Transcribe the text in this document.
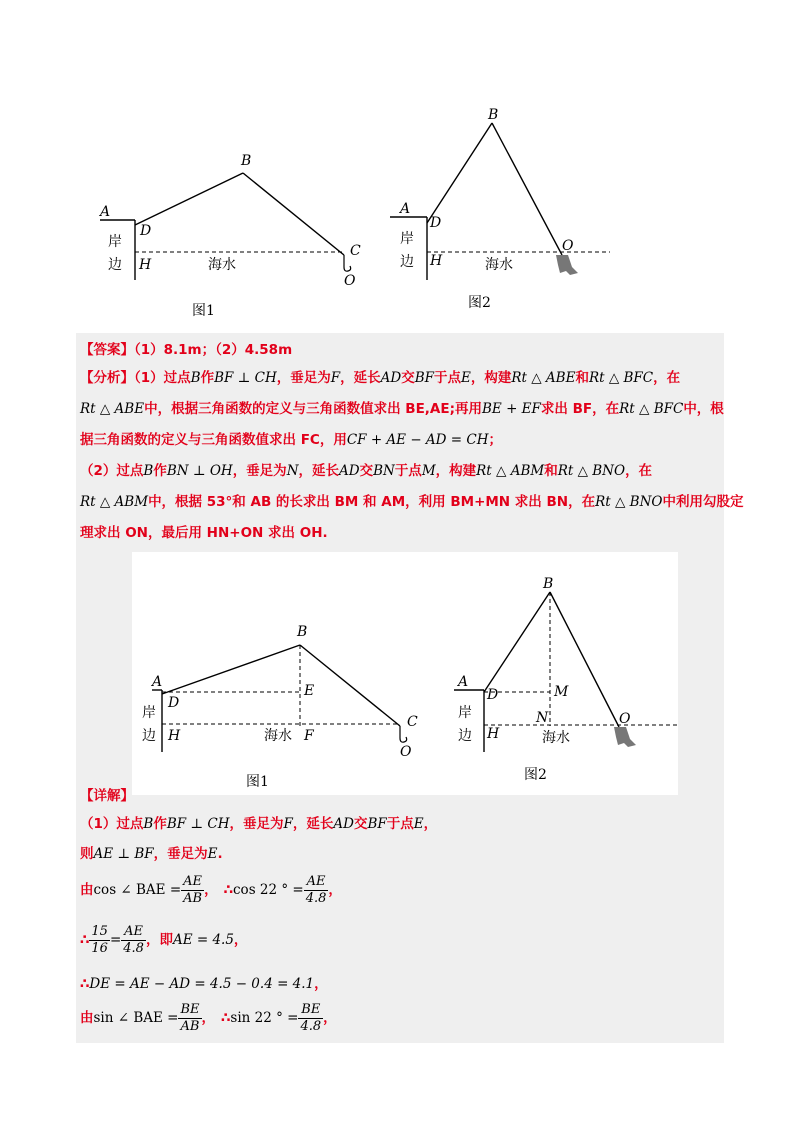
A
B
D
H
C
O
岸
边	海水
图1
A
B
D
H
O
岸
边	海水
图2
【答案】（1）8.1m；（2）4.58m
【分析】（1）过点B作BF ⊥ CH，垂足为F，延长AD交BF于点E，构建Rt △ ABE和Rt △ BFC，在
Rt △ ABE中，根据三角函数的定义与三角函数值求出 BE,AE;再用BE + EF求出 BF，在Rt △ BFC中，根
据三角函数的定义与三角函数值求出 FC，用CF + AE − AD = CH；
（2）过点B作BN ⊥ OH，垂足为N，延长AD交BN于点M，构建Rt △ ABM和Rt △ BNO，在
Rt △ ABM中，根据 53°和 AB 的长求出 BM 和 AM，利用 BM+MN 求出 BN，在Rt △ BNO中利用勾股定
理求出 ON，最后用 HN+ON 求出 OH.
A
B
D
E
H	F
C
O
岸
边	海水
图1
A
B
D	M
N
H
O
岸
边	海水
图2
【详解】
（1）过点B作BF ⊥ CH，垂足为F，延长AD交BF于点E，
则AE ⊥ BF，垂足为E.
由cos ∠ BAE = $\frac{AE}{AB}$ ， ∴cos 22 ° = $\frac{AE}{4.8}$ ，
∴ $\frac{15}{16} = \frac{AE}{4.8}$ ，即AE = 4.5，
∴DE = AE − AD = 4.5 − 0.4 = 4.1，
由sin ∠ BAE = $\frac{BE}{AB}$ ， ∴sin 22 ° = $\frac{BE}{4.8}$ ，
